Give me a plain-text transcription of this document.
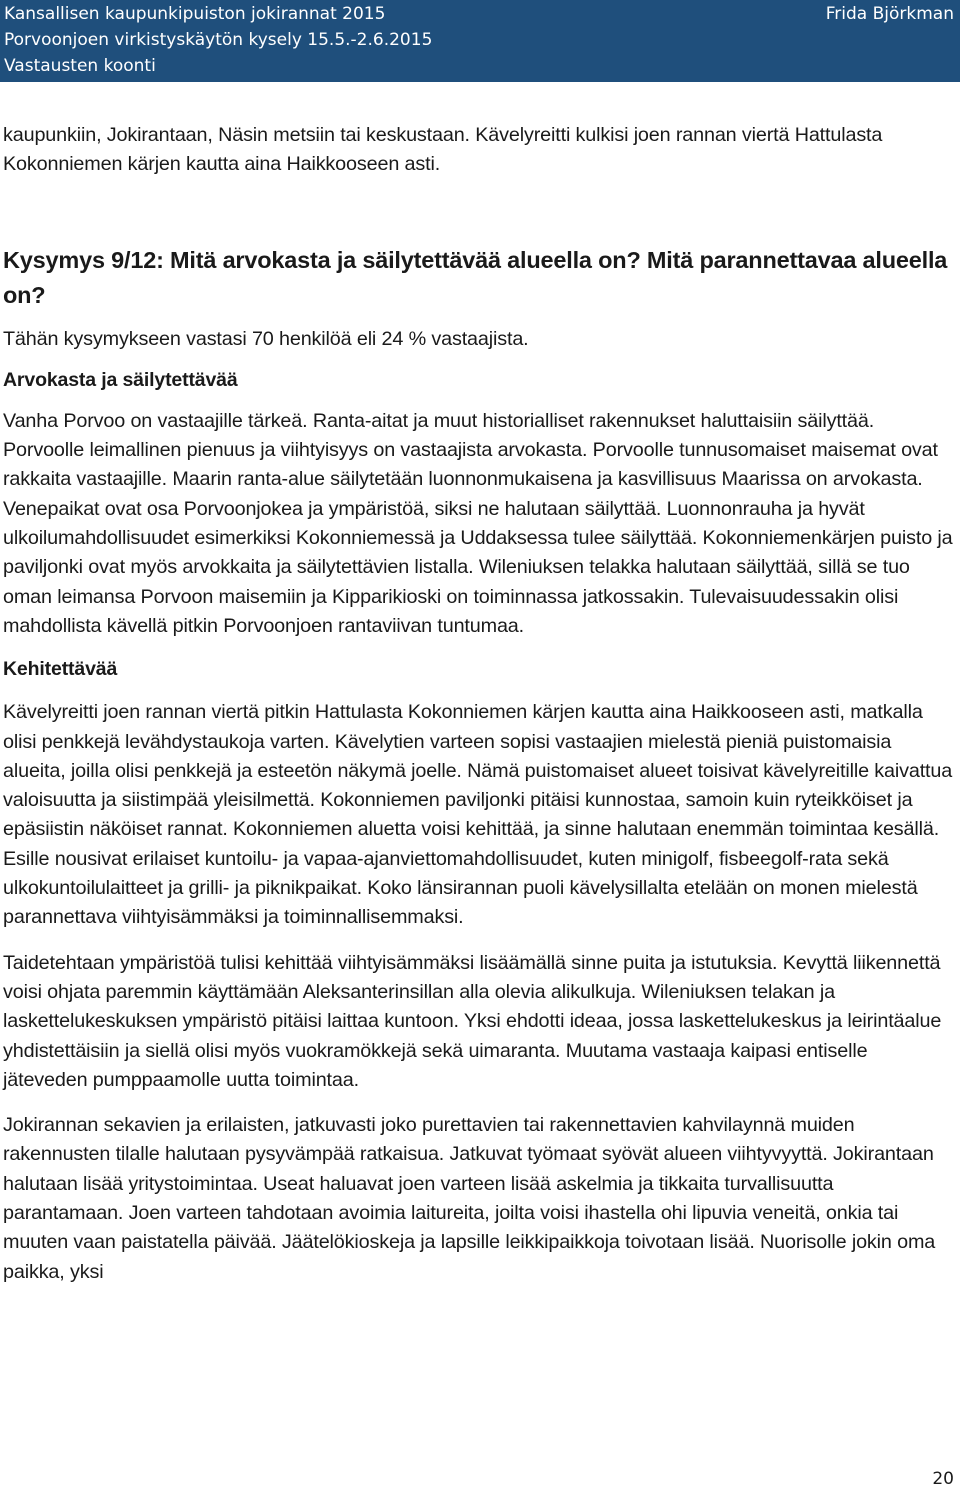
Kansallisen kaupunkipuiston jokirannat 2015
Porvoonjoen virkistyskäytön kysely 15.5.-2.6.2015
Vastausten koonti
Frida Björkman

kaupunkiin, Jokirantaan, Näsin metsiin tai keskustaan. Kävelyreitti kulkisi joen rannan viertä Hattulasta Kokonniemen kärjen kautta aina Haikkooseen asti.

Kysymys 9/12: Mitä arvokasta ja säilytettävää alueella on? Mitä parannettavaa alueella on?

Tähän kysymykseen vastasi 70 henkilöä eli 24 % vastaajista.

Arvokasta ja säilytettävää

Vanha Porvoo on vastaajille tärkeä. Ranta-aitat ja muut historialliset rakennukset haluttaisiin säilyttää. Porvoolle leimallinen pienuus ja viihtyisyys on vastaajista arvokasta. Porvoolle tunnusomaiset maisemat ovat rakkaita vastaajille. Maarin ranta-alue säilytetään luonnonmukaisena ja kasvillisuus Maarissa on arvokasta. Venepaikat ovat osa Porvoonjokea ja ympäristöä, siksi ne halutaan säilyttää. Luonnonrauha ja hyvät ulkoilumahdollisuudet esimerkiksi Kokonniemessä ja Uddaksessa tulee säilyttää. Kokonniemenkärjen puisto ja paviljonki ovat myös arvokkaita ja säilytettävien listalla. Wileniuksen telakka halutaan säilyttää, sillä se tuo oman leimansa Porvoon maisemiin ja Kipparikioski on toiminnassa jatkossakin. Tulevaisuudessakin olisi mahdollista kävellä pitkin Porvoonjoen rantaviivan tuntumaa.

Kehitettävää

Kävelyreitti joen rannan viertä pitkin Hattulasta Kokonniemen kärjen kautta aina Haikkooseen asti, matkalla olisi penkkejä levähdystaukoja varten. Kävelytien varteen sopisi vastaajien mielestä pieniä puistomaisia alueita, joilla olisi penkkejä ja esteetön näkymä joelle. Nämä puistomaiset alueet toisivat kävelyreitille kaivattua valoisuutta ja siistimpää yleisilmettä. Kokonniemen paviljonki pitäisi kunnostaa, samoin kuin ryteikköiset ja epäsiistin näköiset rannat. Kokonniemen aluetta voisi kehittää, ja sinne halutaan enemmän toimintaa kesällä. Esille nousivat erilaiset kuntoilu- ja vapaa-ajanviettomahdollisuudet, kuten minigolf, fisbeegolf-rata sekä ulkokuntoilulaitteet ja grilli- ja piknikpaikat. Koko länsirannan puoli kävelysillalta etelään on monen mielestä parannettava viihtyisämmäksi ja toiminnallisemmaksi.

Taidetehtaan ympäristöä tulisi kehittää viihtyisämmäksi lisäämällä sinne puita ja istutuksia. Kevyttä liikennettä voisi ohjata paremmin käyttämään Aleksanterinsillan alla olevia alikulkuja. Wileniuksen telakan ja laskettelukeskuksen ympäristö pitäisi laittaa kuntoon. Yksi ehdotti ideaa, jossa laskettelukeskus ja leirintäalue yhdistettäisiin ja siellä olisi myös vuokramökkejä sekä uimaranta. Muutama vastaaja kaipasi entiselle jäteveden pumppaamolle uutta toimintaa.

Jokirannan sekavien ja erilaisten, jatkuvasti joko purettavien tai rakennettavien kahvilaynnä muiden rakennusten tilalle halutaan pysyvämpää ratkaisua. Jatkuvat työmaat syövät alueen viihtyvyyttä. Jokirantaan halutaan lisää yritystoimintaa. Useat haluavat joen varteen lisää askelmia ja tikkaita turvallisuutta parantamaan. Joen varteen tahdotaan avoimia laitureita, joilta voisi ihastella ohi lipuvia veneitä, onkia tai muuten vaan paistatella päivää. Jäätelökioskeja ja lapsille leikkipaikkoja toivotaan lisää. Nuorisolle jokin oma paikka, yksi

20
